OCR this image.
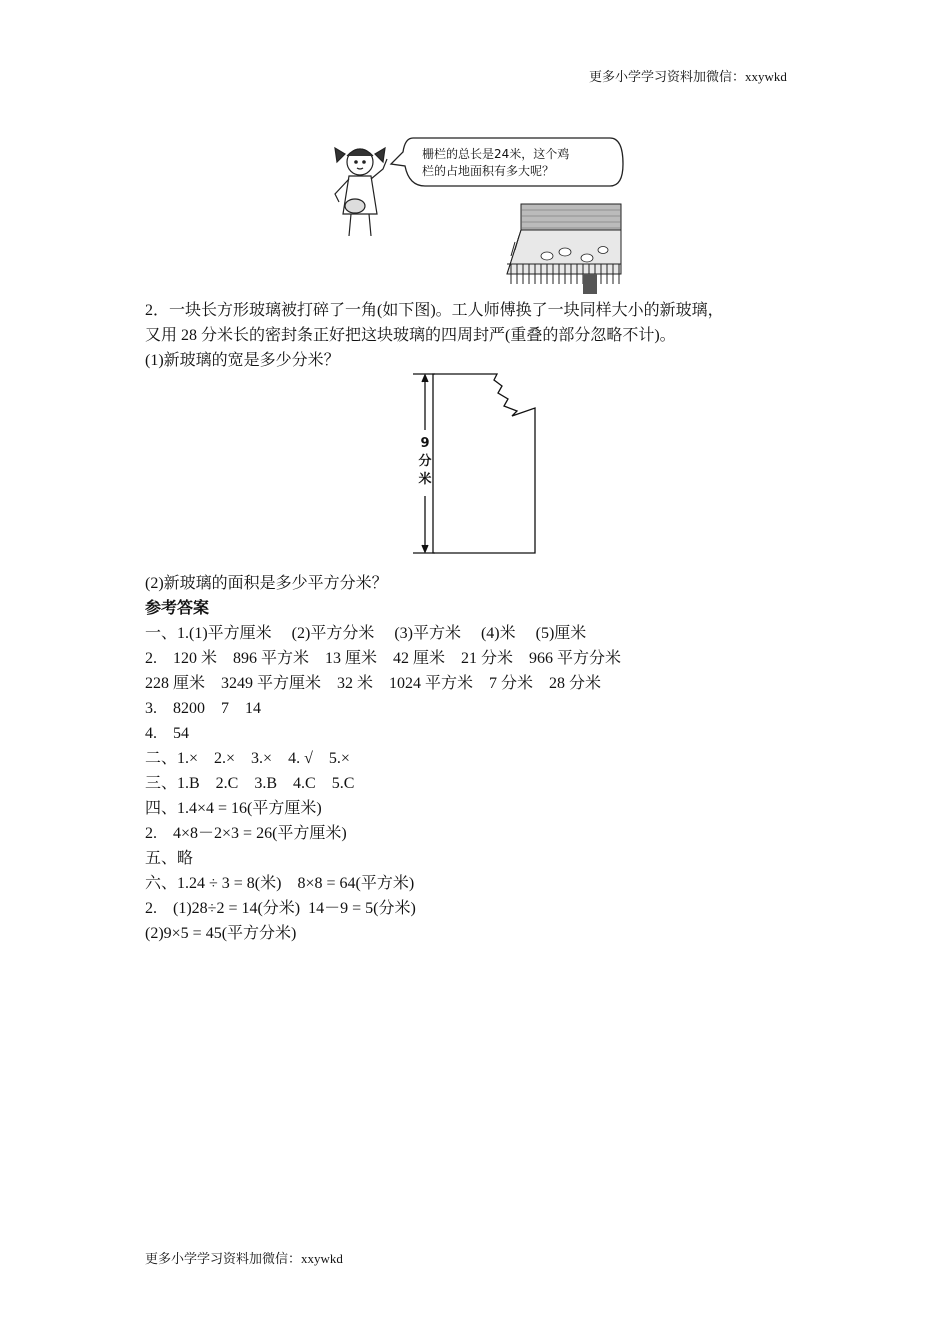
更多小学学习资料加微信：xxywkd
栅栏的总长是24米，这个鸡
栏的占地面积有多大呢？
2．一块长方形玻璃被打碎了一角(如下图)。工人师傅换了一块同样大小的新玻璃，
又用 28 分米长的密封条正好把这块玻璃的四周封严(重叠的部分忽略不计)。
(1)新玻璃的宽是多少分米？
(2)新玻璃的面积是多少平方分米？
9
分
米
参考答案
一、1.(1)平方厘米　 (2)平方分米　 (3)平方米　 (4)米　 (5)厘米
2.　120 米　896 平方米　13 厘米　42 厘米　21 分米　966 平方分米
228 厘米　3249 平方厘米　32 米　1024 平方米　7 分米　28 分米
3.　8200　7　14
4.　54
二、1.×　2.×　3.×　4. √　5.×
三、1.B　2.C　3.B　4.C　5.C
四、1.4×4 = 16(平方厘米)
2.　4×8－2×3 = 26(平方厘米)
五、略
六、1.24 ÷ 3 = 8(米)　8×8 = 64(平方米)
2.　(1)28÷2 = 14(分米)  14－9 = 5(分米)
(2)9×5 = 45(平方分米)
更多小学学习资料加微信：xxywkd
